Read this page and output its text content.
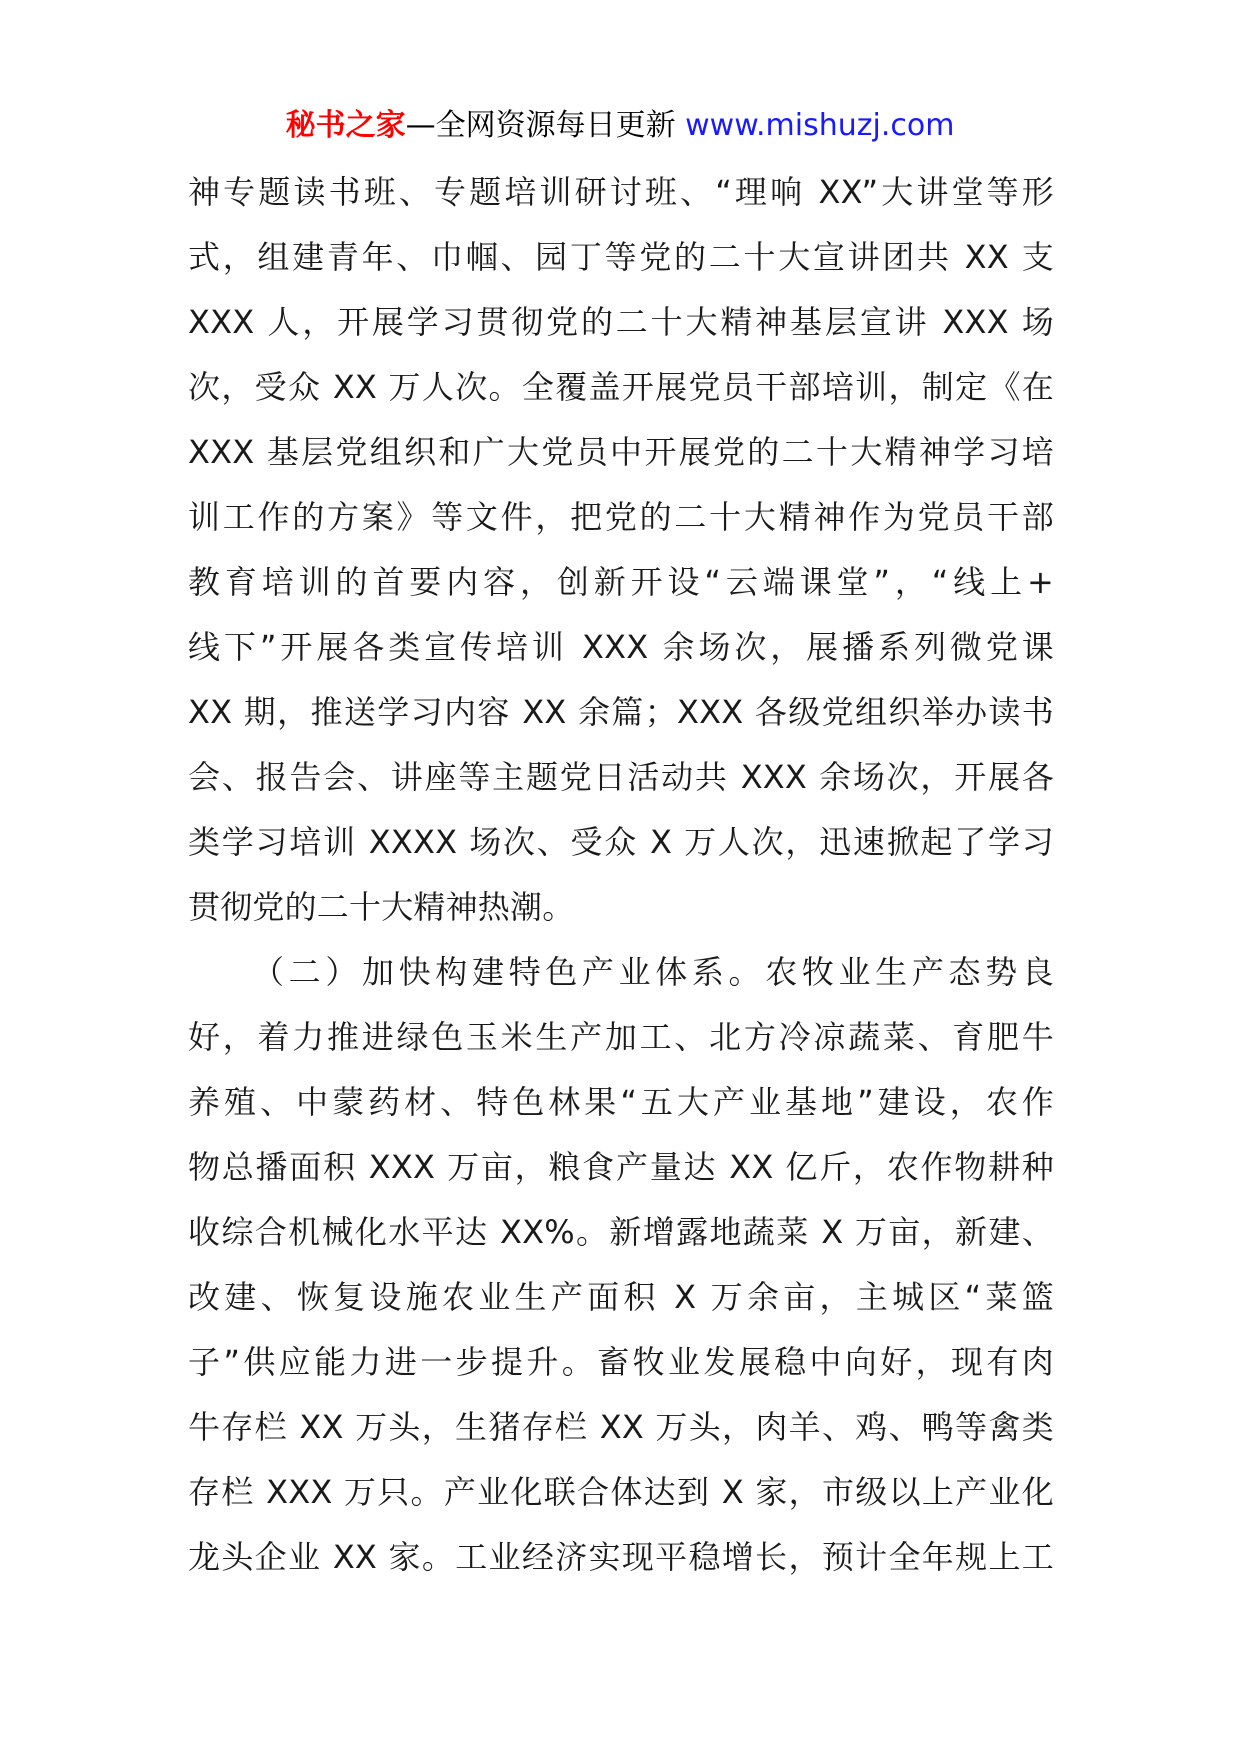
秘书之家—全网资源每日更新 www.mishuzj.com
神专题读书班、专题培训研讨班、“理响 XX”大讲堂等形
式，组建青年、巾帼、园丁等党的二十大宣讲团共 XX 支
XXX 人，开展学习贯彻党的二十大精神基层宣讲 XXX 场
次，受众 XX 万人次。全覆盖开展党员干部培训，制定《在
XXX 基层党组织和广大党员中开展党的二十大精神学习培
训工作的方案》等文件，把党的二十大精神作为党员干部
教育培训的首要内容，创新开设“云端课堂”，“线上+
线下”开展各类宣传培训 XXX 余场次，展播系列微党课
XX 期，推送学习内容 XX 余篇；XXX 各级党组织举办读书
会、报告会、讲座等主题党日活动共 XXX 余场次，开展各
类学习培训 XXXX 场次、受众 X 万人次，迅速掀起了学习
贯彻党的二十大精神热潮。
（二）加快构建特色产业体系。农牧业生产态势良
好，着力推进绿色玉米生产加工、北方冷凉蔬菜、育肥牛
养殖、中蒙药材、特色林果“五大产业基地”建设，农作
物总播面积 XXX 万亩，粮食产量达 XX 亿斤，农作物耕种
收综合机械化水平达 XX%。新增露地蔬菜 X 万亩，新建、
改建、恢复设施农业生产面积 X 万余亩，主城区“菜篮
子”供应能力进一步提升。畜牧业发展稳中向好，现有肉
牛存栏 XX 万头，生猪存栏 XX 万头，肉羊、鸡、鸭等禽类
存栏 XXX 万只。产业化联合体达到 X 家，市级以上产业化
龙头企业 XX 家。工业经济实现平稳增长，预计全年规上工
